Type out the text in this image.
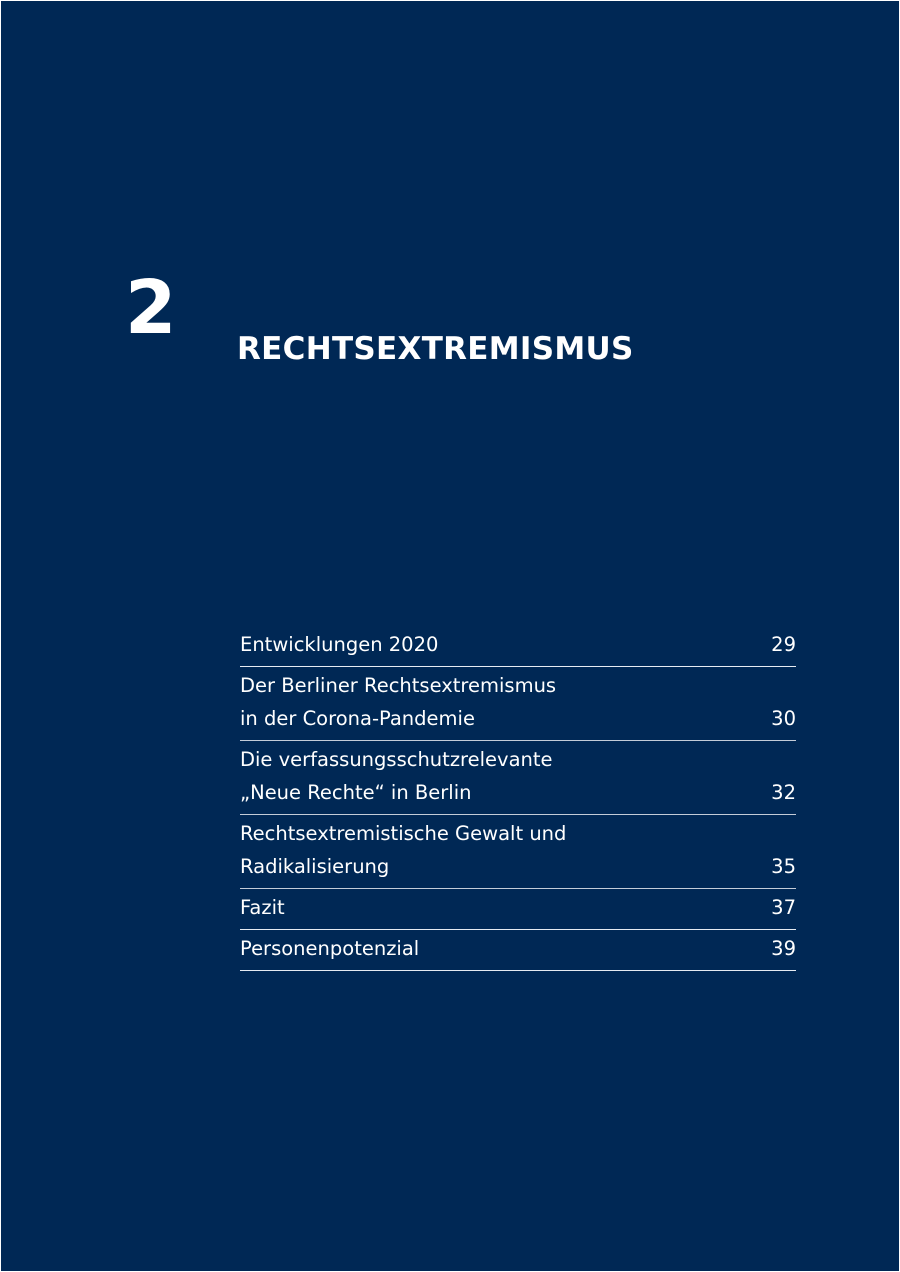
2 RECHTSEXTREMISMUS
Entwicklungen 2020	29
Der Berliner Rechtsextremismus
in der Corona-Pandemie	30
Die verfassungsschutzrelevante
„Neue Rechte“ in Berlin	32
Rechtsextremistische Gewalt und
Radikalisierung	35
Fazit	37
Personenpotenzial	39
